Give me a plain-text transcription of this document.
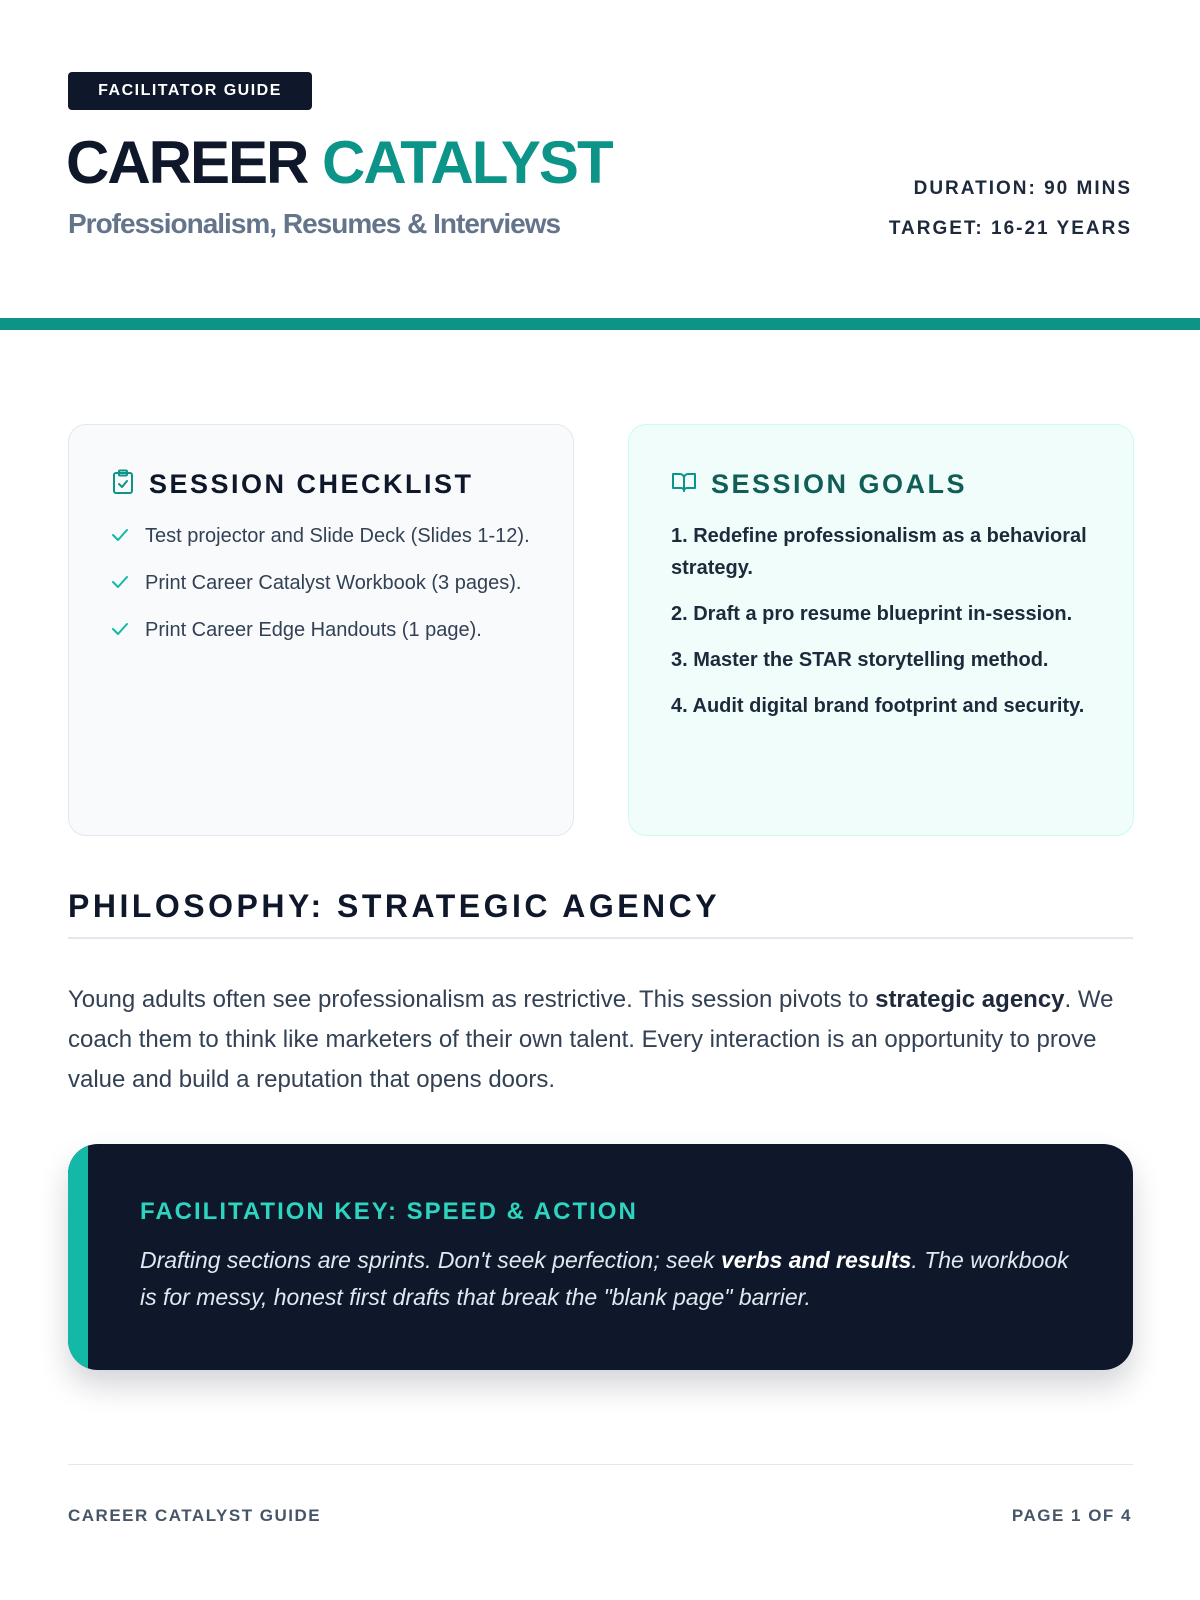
FACILITATOR GUIDE
CAREER CATALYST
Professionalism, Resumes & Interviews
DURATION: 90 MINS
TARGET: 16-21 YEARS
SESSION CHECKLIST
Test projector and Slide Deck (Slides 1-12).
Print Career Catalyst Workbook (3 pages).
Print Career Edge Handouts (1 page).
SESSION GOALS
1. Redefine professionalism as a behavioral strategy.
2. Draft a pro resume blueprint in-session.
3. Master the STAR storytelling method.
4. Audit digital brand footprint and security.
PHILOSOPHY: STRATEGIC AGENCY

Young adults often see professionalism as restrictive. This session pivots to strategic agency. We coach them to think like marketers of their own talent. Every interaction is an opportunity to prove value and build a reputation that opens doors.

FACILITATION KEY: SPEED & ACTION

Drafting sections are sprints. Don't seek perfection; seek verbs and results. The workbook is for messy, honest first drafts that break the "blank page" barrier.

CAREER CATALYST GUIDE	PAGE 1 OF 4
